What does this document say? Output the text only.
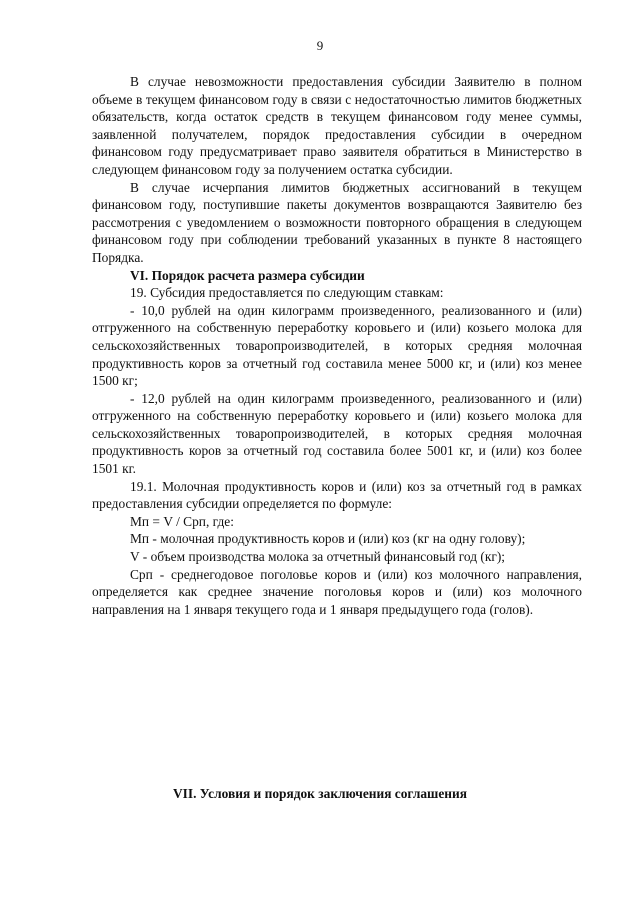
9

В случае невозможности предоставления субсидии Заявителю в полном объеме в текущем финансовом году в связи с недостаточностью лимитов бюджетных обязательств, когда остаток средств в текущем финансовом году менее суммы, заявленной получателем, порядок предоставления субсидии в очередном финансовом году предусматривает право заявителя обратиться в Министерство в следующем финансовом году за получением остатка субсидии.

В случае исчерпания лимитов бюджетных ассигнований в текущем финансовом году, поступившие пакеты документов возвращаются Заявителю без рассмотрения с уведомлением о возможности повторного обращения в следующем финансовом году при соблюдении требований указанных в пункте 8 настоящего Порядка.

VI. Порядок расчета размера субсидии

19. Субсидия предоставляется по следующим ставкам:

- 10,0 рублей на один килограмм произведенного, реализованного и (или) отгруженного на собственную переработку коровьего и (или) козьего молока для сельскохозяйственных товаропроизводителей, в которых средняя молочная продуктивность коров за отчетный год составила менее 5000 кг, и (или) коз менее 1500 кг;

- 12,0 рублей на один килограмм произведенного, реализованного и (или) отгруженного на собственную переработку коровьего и (или) козьего молока для сельскохозяйственных товаропроизводителей, в которых средняя молочная продуктивность коров за отчетный год составила более 5001 кг, и (или) коз более 1501 кг.

19.1. Молочная продуктивность коров и (или) коз за отчетный год в рамках предоставления субсидии определяется по формуле:

Мп = V / Срп, где:

Мп - молочная продуктивность коров и (или) коз (кг на одну голову);

V - объем производства молока за отчетный финансовый год (кг);

Срп - среднегодовое поголовье коров и (или) коз молочного направления, определяется как среднее значение поголовья коров и (или) коз молочного направления на 1 января текущего года и 1 января предыдущего года (голов).

VII. Условия и порядок заключения соглашения
